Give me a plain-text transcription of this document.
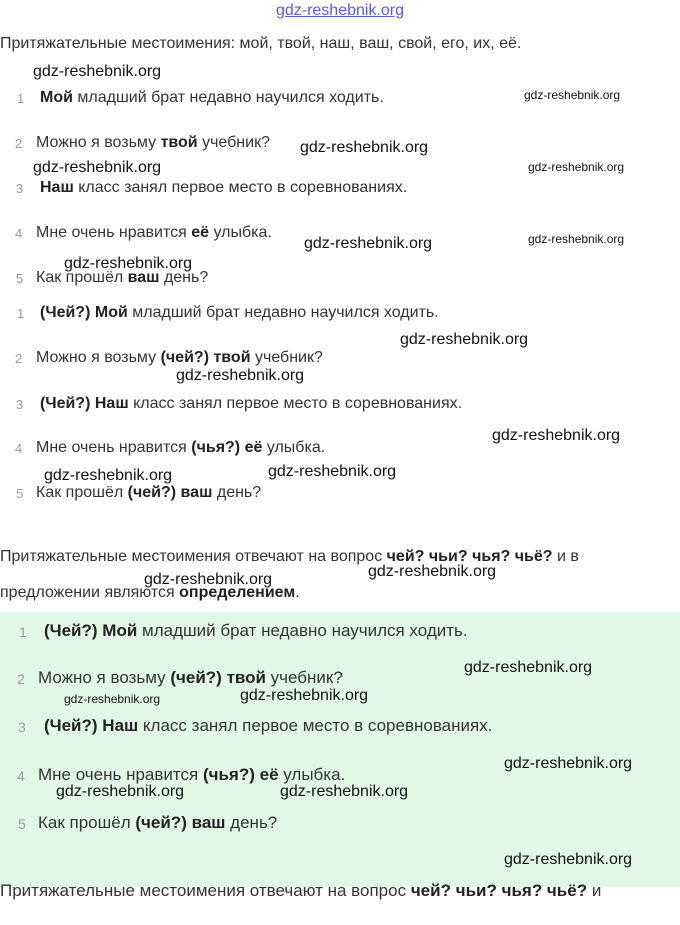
gdz-reshebnik.org
Притяжательные местоимения: мой, твой, наш, ваш, свой, его, их, её.
1 Мой младший брат недавно научился ходить.
2 Можно я возьму твой учебник?
3 Наш класс занял первое место в соревнованиях.
4 Мне очень нравится её улыбка.
5 Как прошёл ваш день?
1 (Чей?) Мой младший брат недавно научился ходить.
2 Можно я возьму (чей?) твой учебник?
3 (Чей?) Наш класс занял первое место в соревнованиях.
4 Мне очень нравится (чья?) её улыбка.
5 Как прошёл (чей?) ваш день?
Притяжательные местоимения отвечают на вопрос чей? чьи? чья? чьё? и в
предложении являются определением.
1 (Чей?) Мой младший брат недавно научился ходить.
2 Можно я возьму (чей?) твой учебник?
3 (Чей?) Наш класс занял первое место в соревнованиях.
4 Мне очень нравится (чья?) её улыбка.
5 Как прошёл (чей?) ваш день?
Притяжательные местоимения отвечают на вопрос чей? чьи? чья? чьё? и
gdz-reshebnik.org
gdz-reshebnik.org
gdz-reshebnik.org
gdz-reshebnik.org	gdz-reshebnik.org
gdz-reshebnik.org	gdz-reshebnik.org
gdz-reshebnik.org
gdz-reshebnik.org
gdz-reshebnik.org
gdz-reshebnik.org
gdz-reshebnik.org
gdz-reshebnik.org
gdz-reshebnik.org
gdz-reshebnik.org
gdz-reshebnik.org
gdz-reshebnik.org	gdz-reshebnik.org
gdz-reshebnik.org
gdz-reshebnik.org	gdz-reshebnik.org
gdz-reshebnik.org
